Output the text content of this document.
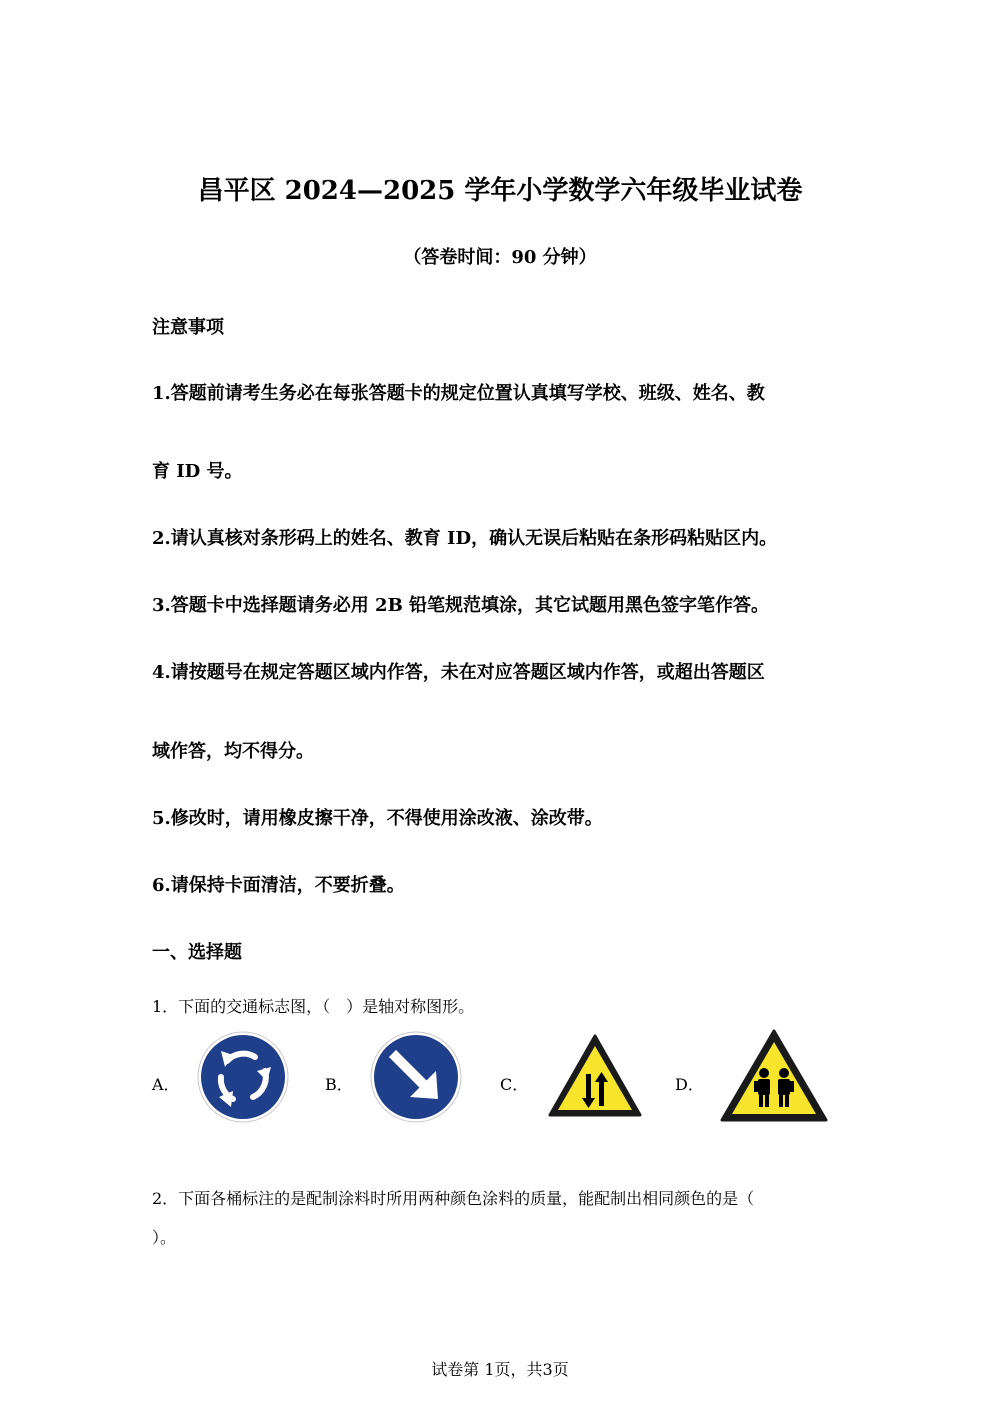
昌平区 2024—2025 学年小学数学六年级毕业试卷
（答卷时间：90 分钟）
注意事项
1.答题前请考生务必在每张答题卡的规定位置认真填写学校、班级、姓名、教
育 ID 号。
2.请认真核对条形码上的姓名、教育 ID，确认无误后粘贴在条形码粘贴区内。
3.答题卡中选择题请务必用 2B 铅笔规范填涂，其它试题用黑色签字笔作答。
4.请按题号在规定答题区域内作答，未在对应答题区域内作答，或超出答题区
域作答，均不得分。
5.修改时，请用橡皮擦干净，不得使用涂改液、涂改带。
6.请保持卡面清洁，不要折叠。
一、选择题
1．下面的交通标志图，（　）是轴对称图形。
A．	B．	C．	D．
2．下面各桶标注的是配制涂料时所用两种颜色涂料的质量，能配制出相同颜色的是（
）。
试卷第 1页，共3页
